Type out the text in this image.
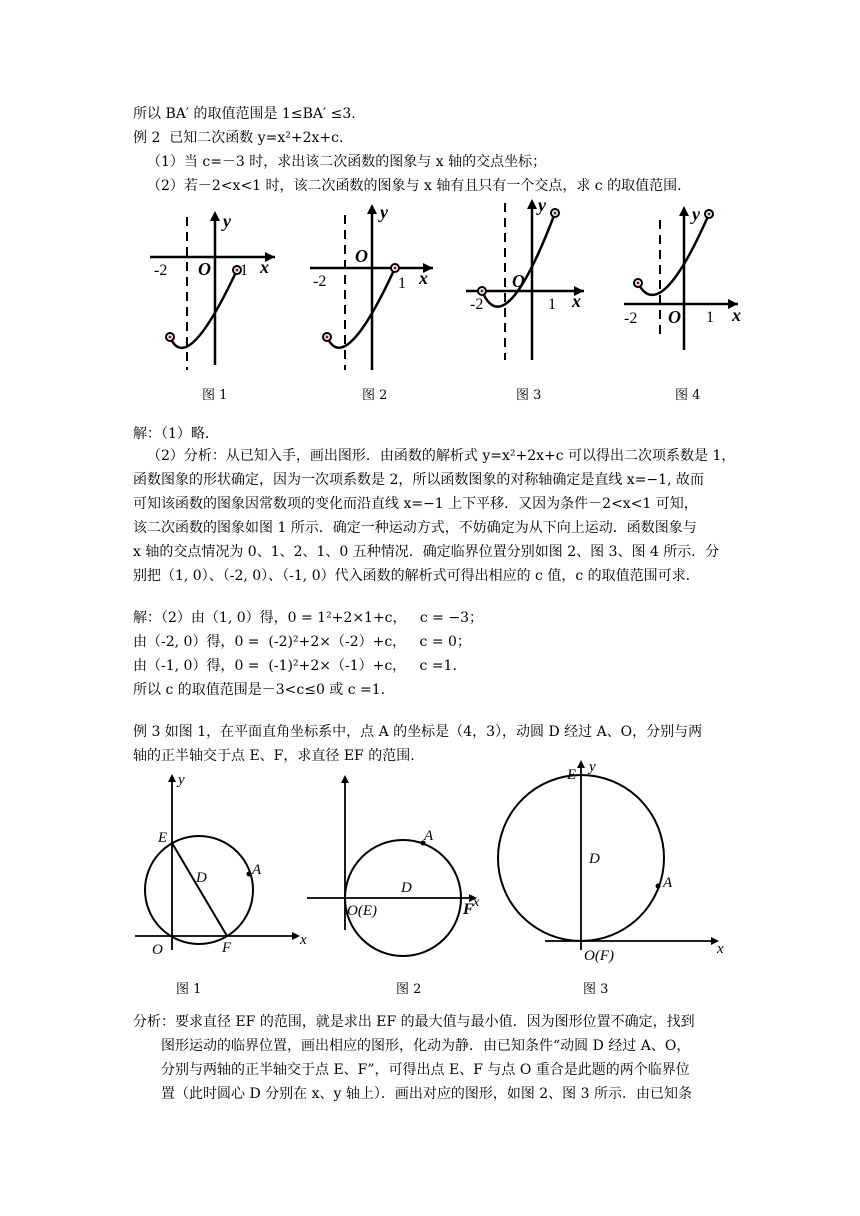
所以 BA′ 的取值范围是 1≤BA′ ≤3.
例 2  已知二次函数 y=x²+2x+c.
（1）当 c=－3 时，求出该二次函数的图象与 x 轴的交点坐标；
（2）若－2<x<1 时，该二次函数的图象与 x 轴有且只有一个交点，求 c 的取值范围.
-2 O 1 x
y
-2
O
1 x
y
-2
O
1 x
y
-2 O 1 x
y
图 1	图 2	图 3	图 4
解：（1）略.
（2）分析：从已知入手，画出图形．由函数的解析式 y=x²+2x+c 可以得出二次项系数是 1，
函数图象的形状确定，因为一次项系数是 2，所以函数图象的对称轴确定是直线 x=−1, 故而
可知该函数的图象因常数项的变化而沿直线 x=−1 上下平移．又因为条件－2<x<1 可知，
该二次函数的图象如图 1 所示．确定一种运动方式，不妨确定为从下向上运动．函数图象与
x 轴的交点情况为 0、1、2、1、0 五种情况．确定临界位置分别如图 2、图 3、图 4 所示．分
别把（1, 0）、（-2, 0）、（-1, 0）代入函数的解析式可得出相应的 c 值，c 的取值范围可求.
解：（2）由（1, 0）得，0 = 1²+2×1+c，   c = −3；
由（-2, 0）得，0 =  (-2)²+2×（-2）+c，   c = 0；
由（-1, 0）得，0 =  (-1)²+2×（-1）+c，   c =1.
所以 c 的取值范围是－3<c≤0 或 c =1.
例 3 如图 1，在平面直角坐标系中，点 A 的坐标是（4，3），动圆 D 经过 A、O，分别与两
轴的正半轴交于点 E、F，求直径 EF 的范围.
E
D	A
O	F	x
y
A
D
O(E)	F x
E y
D
A
O(F)	x
图 1	图 2	图 3
分析：要求直径 EF 的范围，就是求出 EF 的最大值与最小值．因为图形位置不确定，找到
图形运动的临界位置，画出相应的图形，化动为静．由已知条件“动圆 D 经过 A、O，
分别与两轴的正半轴交于点 E、F”，可得出点 E、F 与点 O 重合是此题的两个临界位
置（此时圆心 D 分别在 x、y 轴上）．画出对应的图形，如图 2、图 3 所示．由已知条
